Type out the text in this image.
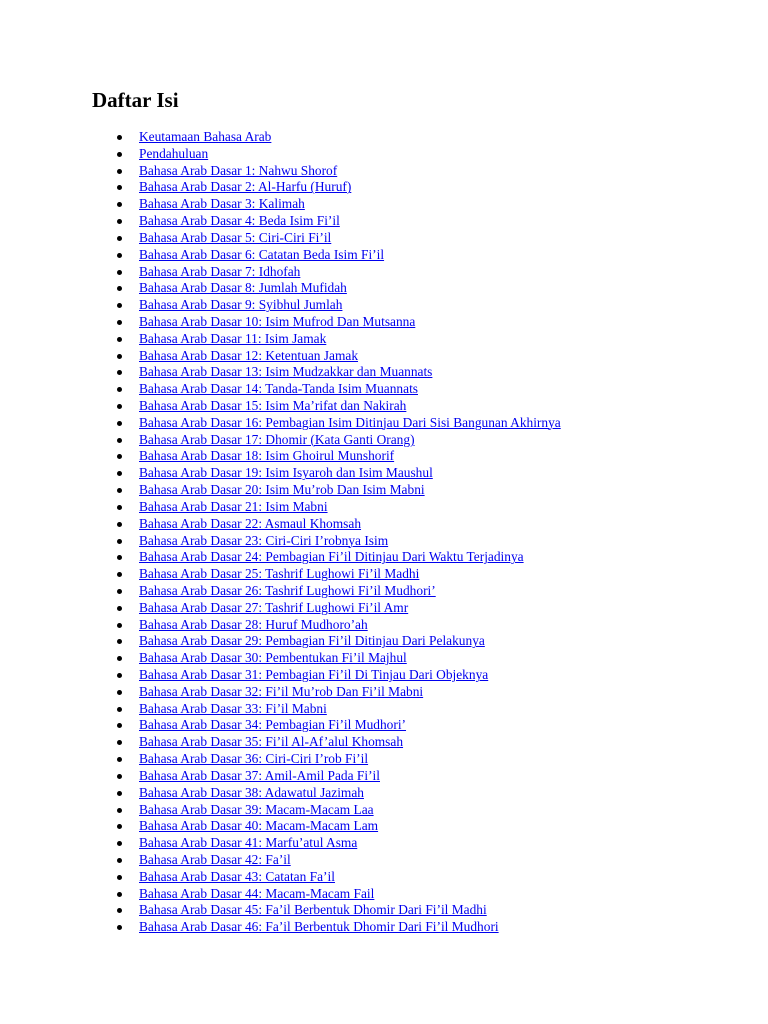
Daftar Isi
Keutamaan Bahasa Arab
Pendahuluan
Bahasa Arab Dasar 1: Nahwu Shorof
Bahasa Arab Dasar 2: Al-Harfu (Huruf)
Bahasa Arab Dasar 3: Kalimah
Bahasa Arab Dasar 4: Beda Isim Fi’il
Bahasa Arab Dasar 5: Ciri-Ciri Fi’il
Bahasa Arab Dasar 6: Catatan Beda Isim Fi’il
Bahasa Arab Dasar 7: Idhofah
Bahasa Arab Dasar 8: Jumlah Mufidah
Bahasa Arab Dasar 9: Syibhul Jumlah
Bahasa Arab Dasar 10: Isim Mufrod Dan Mutsanna
Bahasa Arab Dasar 11: Isim Jamak
Bahasa Arab Dasar 12: Ketentuan Jamak
Bahasa Arab Dasar 13: Isim Mudzakkar dan Muannats
Bahasa Arab Dasar 14: Tanda-Tanda Isim Muannats
Bahasa Arab Dasar 15: Isim Ma’rifat dan Nakirah
Bahasa Arab Dasar 16: Pembagian Isim Ditinjau Dari Sisi Bangunan Akhirnya
Bahasa Arab Dasar 17: Dhomir (Kata Ganti Orang)
Bahasa Arab Dasar 18: Isim Ghoirul Munshorif
Bahasa Arab Dasar 19: Isim Isyaroh dan Isim Maushul
Bahasa Arab Dasar 20: Isim Mu’rob Dan Isim Mabni
Bahasa Arab Dasar 21: Isim Mabni
Bahasa Arab Dasar 22: Asmaul Khomsah
Bahasa Arab Dasar 23: Ciri-Ciri I’robnya Isim
Bahasa Arab Dasar 24: Pembagian Fi’il Ditinjau Dari Waktu Terjadinya
Bahasa Arab Dasar 25: Tashrif Lughowi Fi’il Madhi
Bahasa Arab Dasar 26: Tashrif Lughowi Fi’il Mudhori’
Bahasa Arab Dasar 27: Tashrif Lughowi Fi’il Amr
Bahasa Arab Dasar 28: Huruf Mudhoro’ah
Bahasa Arab Dasar 29: Pembagian Fi’il Ditinjau Dari Pelakunya
Bahasa Arab Dasar 30: Pembentukan Fi’il Majhul
Bahasa Arab Dasar 31: Pembagian Fi’il Di Tinjau Dari Objeknya
Bahasa Arab Dasar 32: Fi’il Mu’rob Dan Fi’il Mabni
Bahasa Arab Dasar 33: Fi’il Mabni
Bahasa Arab Dasar 34: Pembagian Fi’il Mudhori’
Bahasa Arab Dasar 35: Fi’il Al-Af’alul Khomsah
Bahasa Arab Dasar 36: Ciri-Ciri I’rob Fi’il
Bahasa Arab Dasar 37: Amil-Amil Pada Fi’il
Bahasa Arab Dasar 38: Adawatul Jazimah
Bahasa Arab Dasar 39: Macam-Macam Laa
Bahasa Arab Dasar 40: Macam-Macam Lam
Bahasa Arab Dasar 41: Marfu’atul Asma
Bahasa Arab Dasar 42: Fa’il
Bahasa Arab Dasar 43: Catatan Fa’il
Bahasa Arab Dasar 44: Macam-Macam Fail
Bahasa Arab Dasar 45: Fa’il Berbentuk Dhomir Dari Fi’il Madhi
Bahasa Arab Dasar 46: Fa’il Berbentuk Dhomir Dari Fi’il Mudhori
